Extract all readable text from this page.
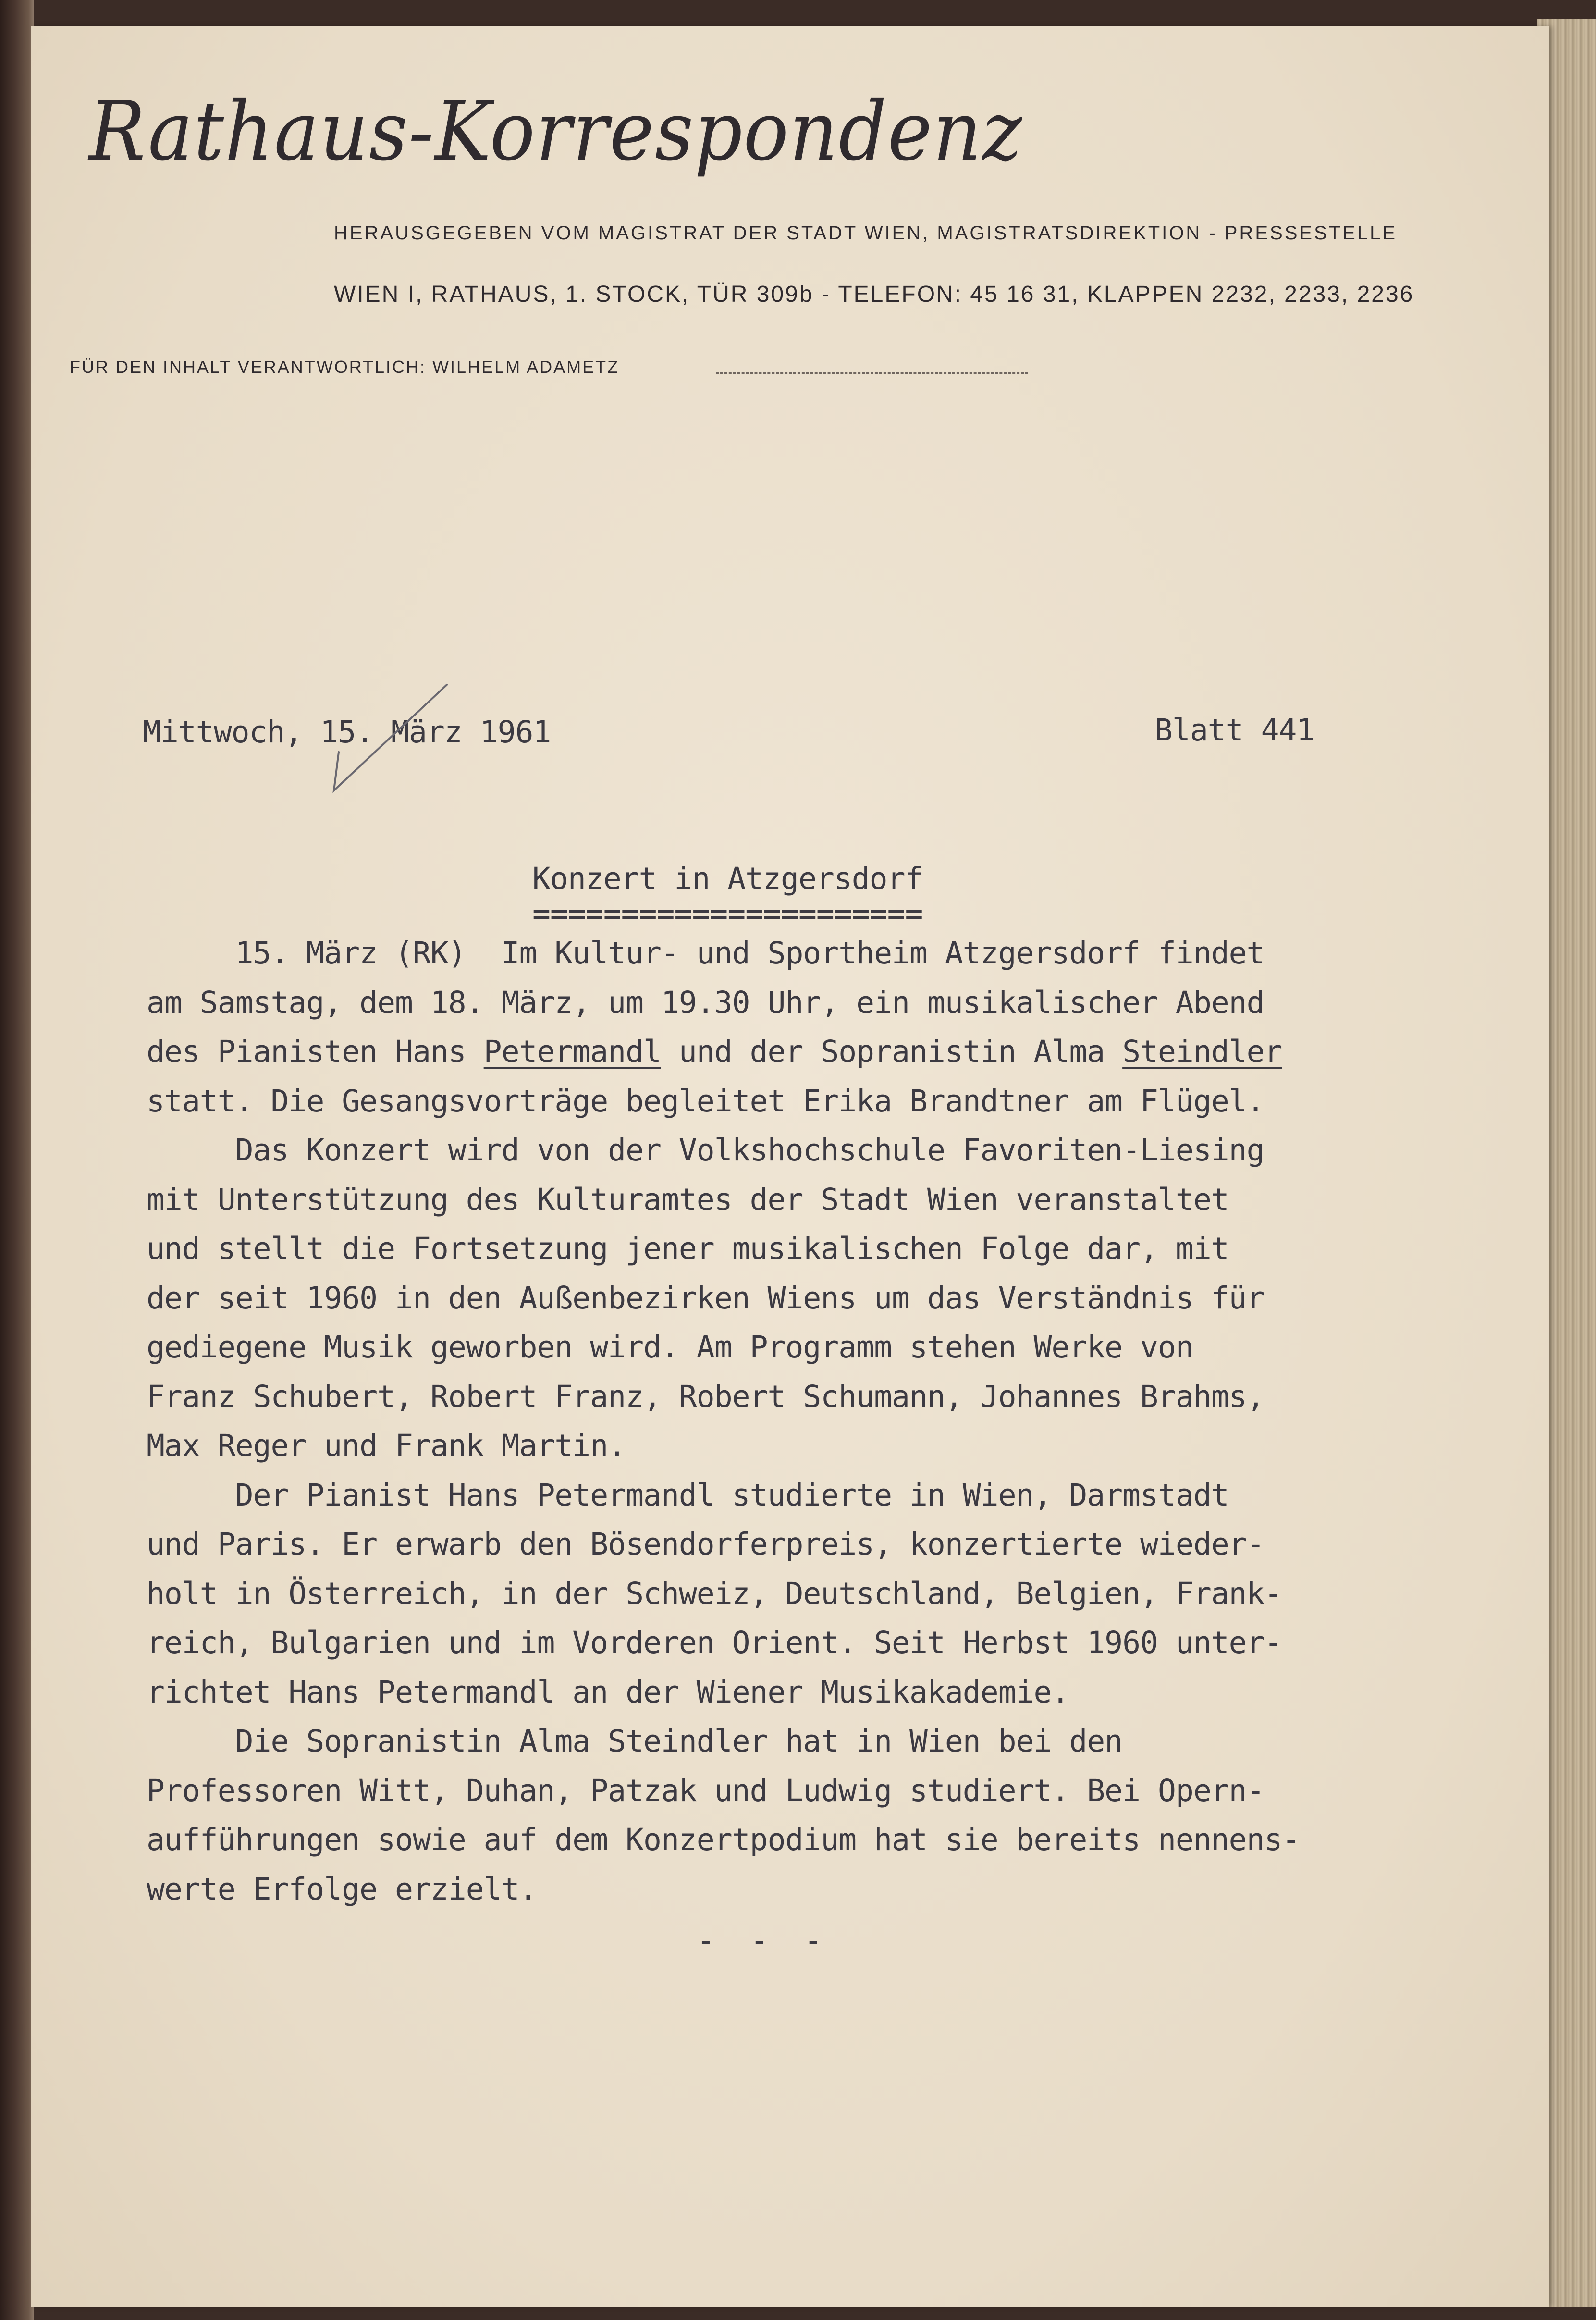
Rathaus-Korrespondenz
HERAUSGEGEBEN VOM MAGISTRAT DER STADT WIEN, MAGISTRATSDIREKTION - PRESSESTELLE
WIEN I, RATHAUS, 1. STOCK, TÜR 309b - TELEFON: 45 16 31, KLAPPEN 2232, 2233, 2236
FÜR DEN INHALT VERANTWORTLICH: WILHELM ADAMETZ
Mittwoch, 15. März 1961	Blatt 441
Konzert in Atzgersdorf
======================
15. März (RK)  Im Kultur- und Sportheim Atzgersdorf findet
am Samstag, dem 18. März, um 19.30 Uhr, ein musikalischer Abend
des Pianisten Hans Petermandl und der Sopranistin Alma Steindler
statt. Die Gesangsvorträge begleitet Erika Brandtner am Flügel.
Das Konzert wird von der Volkshochschule Favoriten-Liesing
mit Unterstützung des Kulturamtes der Stadt Wien veranstaltet
und stellt die Fortsetzung jener musikalischen Folge dar, mit
der seit 1960 in den Außenbezirken Wiens um das Verständnis für
gediegene Musik geworben wird. Am Programm stehen Werke von
Franz Schubert, Robert Franz, Robert Schumann, Johannes Brahms,
Max Reger und Frank Martin.
Der Pianist Hans Petermandl studierte in Wien, Darmstadt
und Paris. Er erwarb den Bösendorferpreis, konzertierte wieder-
holt in Österreich, in der Schweiz, Deutschland, Belgien, Frank-
reich, Bulgarien und im Vorderen Orient. Seit Herbst 1960 unter-
richtet Hans Petermandl an der Wiener Musikakademie.
Die Sopranistin Alma Steindler hat in Wien bei den
Professoren Witt, Duhan, Patzak und Ludwig studiert. Bei Opern-
aufführungen sowie auf dem Konzertpodium hat sie bereits nennens-
werte Erfolge erzielt.
- - -
